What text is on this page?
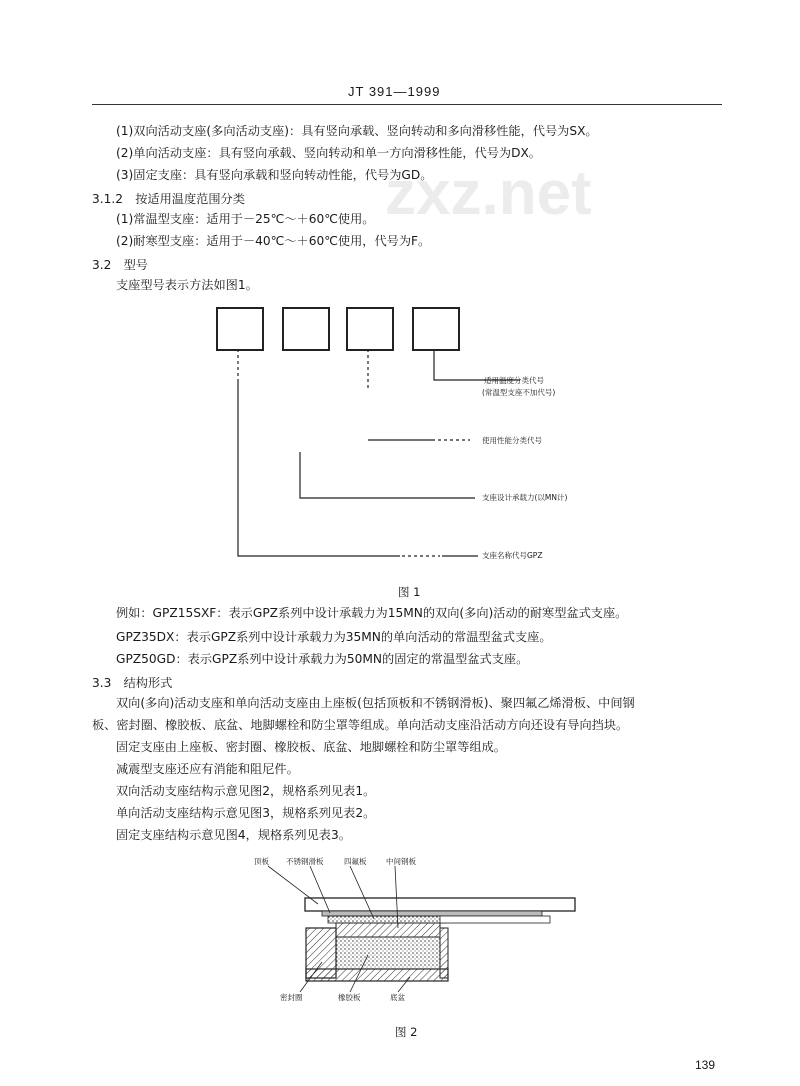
JT 391—1999
zxz.net
(1)双向活动支座(多向活动支座)：具有竖向承载、竖向转动和多向滑移性能，代号为SX。
(2)单向活动支座：具有竖向承载、竖向转动和单一方向滑移性能，代号为DX。
(3)固定支座：具有竖向承载和竖向转动性能，代号为GD。
3.1.2　按适用温度范围分类
(1)常温型支座：适用于－25℃～＋60℃使用。
(2)耐寒型支座：适用于－40℃～＋60℃使用，代号为F。
3.2　型号
支座型号表示方法如图1。
适用温度分类代号
(常温型支座不加代号)
使用性能分类代号
支座设计承载力(以MN计)
支座名称代号GPZ
图 1
例如：GPZ15SXF：表示GPZ系列中设计承载力为15MN的双向(多向)活动的耐寒型盆式支座。
GPZ35DX：表示GPZ系列中设计承载力为35MN的单向活动的常温型盆式支座。
GPZ50GD：表示GPZ系列中设计承载力为50MN的固定的常温型盆式支座。
3.3　结构形式
双向(多向)活动支座和单向活动支座由上座板(包括顶板和不锈钢滑板)、聚四氟乙烯滑板、中间钢
板、密封圈、橡胶板、底盆、地脚螺栓和防尘罩等组成。单向活动支座沿活动方向还设有导向挡块。
固定支座由上座板、密封圈、橡胶板、底盆、地脚螺栓和防尘罩等组成。
减震型支座还应有消能和阻尼件。
双向活动支座结构示意见图2，规格系列见表1。
单向活动支座结构示意见图3，规格系列见表2。
固定支座结构示意见图4，规格系列见表3。
顶板 不锈钢滑板	四氟板	中间钢板
密封圈	橡胶板	底盆
图 2
139
